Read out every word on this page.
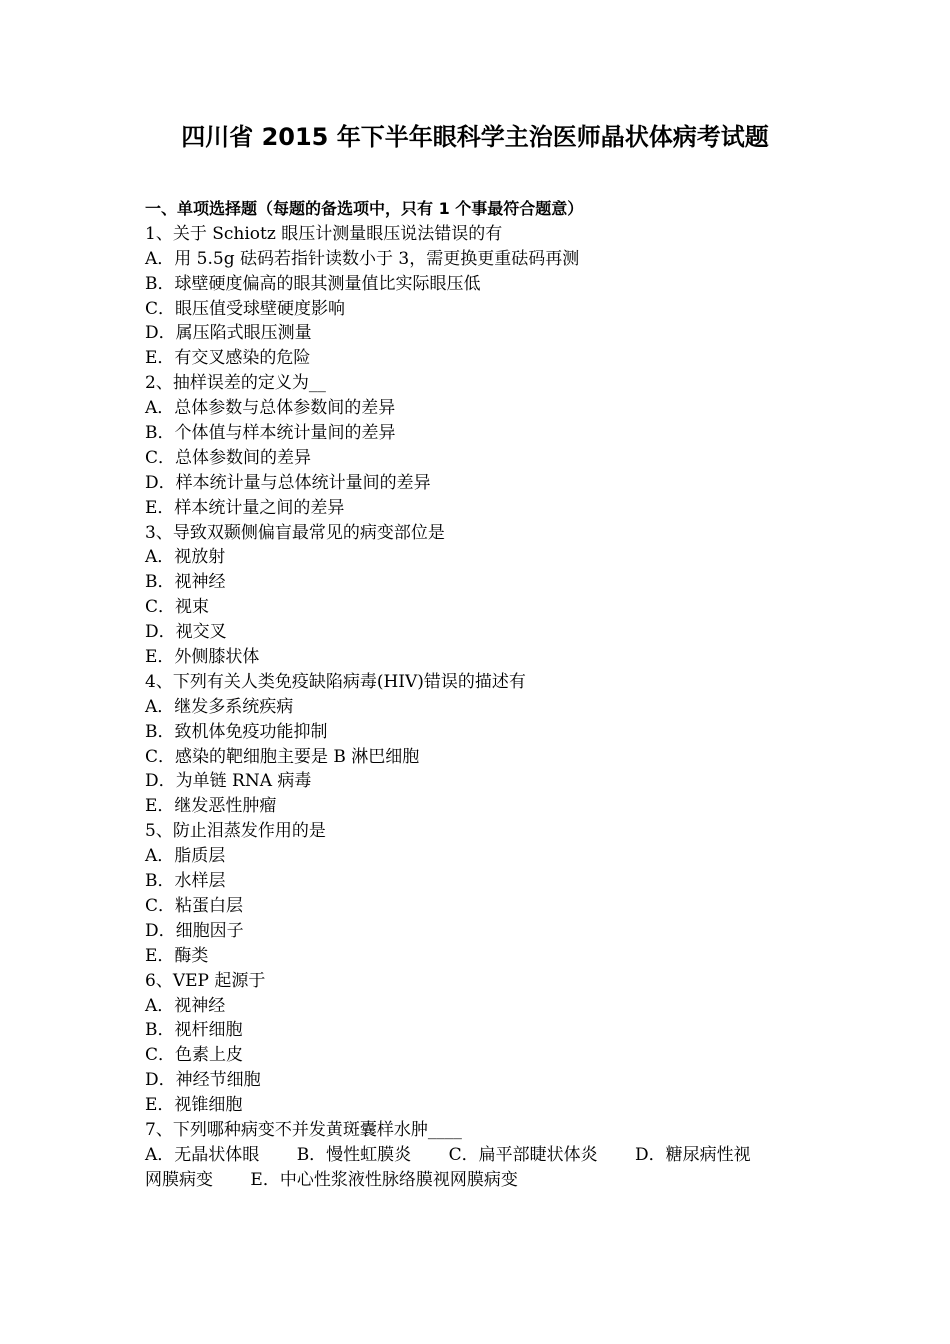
四川省 2015 年下半年眼科学主治医师晶状体病考试题
一、单项选择题（每题的备选项中，只有 1 个事最符合题意）
1、关于 Schiotz 眼压计测量眼压说法错误的有
A．用 5.5g 砝码若指针读数小于 3，需更换更重砝码再测
B．球壁硬度偏高的眼其测量值比实际眼压低
C．眼压值受球壁硬度影响
D．属压陷式眼压测量
E．有交叉感染的危险
2、抽样误差的定义为__
A．总体参数与总体参数间的差异
B．个体值与样本统计量间的差异
C．总体参数间的差异
D．样本统计量与总体统计量间的差异
E．样本统计量之间的差异
3、导致双颞侧偏盲最常见的病变部位是
A．视放射
B．视神经
C．视束
D．视交叉
E．外侧膝状体
4、下列有关人类免疫缺陷病毒(HIV)错误的描述有
A．继发多系统疾病
B．致机体免疫功能抑制
C．感染的靶细胞主要是 B 淋巴细胞
D．为单链 RNA 病毒
E．继发恶性肿瘤
5、防止泪蒸发作用的是
A．脂质层
B．水样层
C．粘蛋白层
D．细胞因子
E．酶类
6、VEP 起源于
A．视神经
B．视杆细胞
C．色素上皮
D．神经节细胞
E．视锥细胞
7、下列哪种病变不并发黄斑囊样水肿____
A．无晶状体眼 B．慢性虹膜炎 C．扁平部睫状体炎 D．糖尿病性视
网膜病变 E．中心性浆液性脉络膜视网膜病变
